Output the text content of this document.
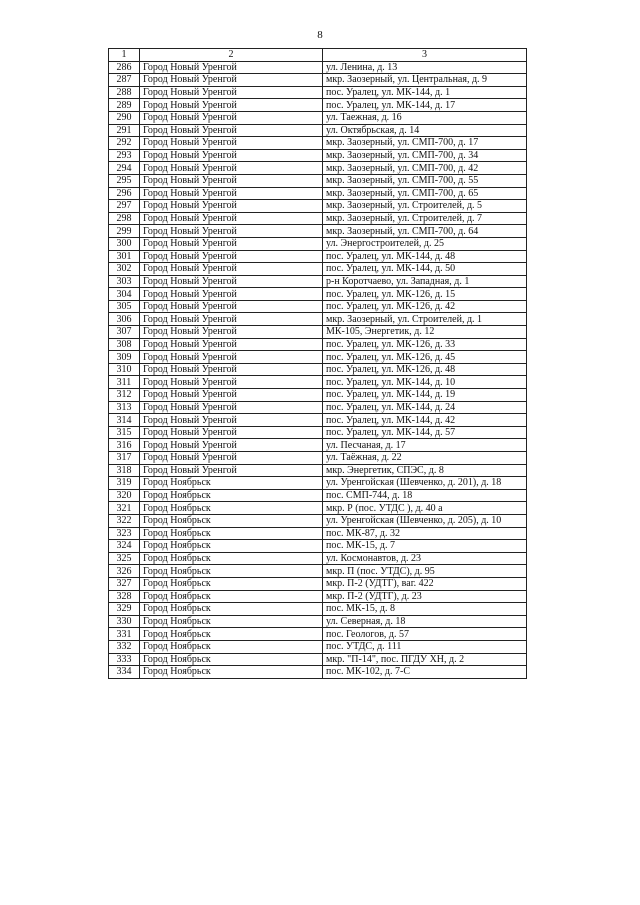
8
1	2	3
286	Город Новый Уренгой	ул. Ленина, д. 13
287	Город Новый Уренгой	мкр. Заозерный, ул. Центральная, д. 9
288	Город Новый Уренгой	пос. Уралец, ул. МК-144, д. 1
289	Город Новый Уренгой	пос. Уралец, ул. МК-144, д. 17
290	Город Новый Уренгой	ул. Таежная, д. 16
291	Город Новый Уренгой	ул. Октябрьская, д. 14
292	Город Новый Уренгой	мкр. Заозерный, ул. СМП-700, д. 17
293	Город Новый Уренгой	мкр. Заозерный, ул. СМП-700, д. 34
294	Город Новый Уренгой	мкр. Заозерный, ул. СМП-700, д. 42
295	Город Новый Уренгой	мкр. Заозерный, ул. СМП-700, д. 55
296	Город Новый Уренгой	мкр. Заозерный, ул. СМП-700, д. 65
297	Город Новый Уренгой	мкр. Заозерный, ул. Строителей, д. 5
298	Город Новый Уренгой	мкр. Заозерный, ул. Строителей, д. 7
299	Город Новый Уренгой	мкр. Заозерный, ул. СМП-700, д. 64
300	Город Новый Уренгой	ул. Энергостроителей, д. 25
301	Город Новый Уренгой	пос. Уралец, ул. МК-144, д. 48
302	Город Новый Уренгой	пос. Уралец, ул. МК-144, д. 50
303	Город Новый Уренгой	р-н Коротчаево, ул. Западная, д. 1
304	Город Новый Уренгой	пос. Уралец, ул. МК-126, д. 15
305	Город Новый Уренгой	пос. Уралец, ул. МК-126, д. 42
306	Город Новый Уренгой	мкр. Заозерный, ул. Строителей, д. 1
307	Город Новый Уренгой	МК-105, Энергетик, д. 12
308	Город Новый Уренгой	пос. Уралец, ул. МК-126, д. 33
309	Город Новый Уренгой	пос. Уралец, ул. МК-126, д. 45
310	Город Новый Уренгой	пос. Уралец, ул. МК-126, д. 48
311	Город Новый Уренгой	пос. Уралец, ул. МК-144, д. 10
312	Город Новый Уренгой	пос. Уралец, ул. МК-144, д. 19
313	Город Новый Уренгой	пос. Уралец, ул. МК-144, д. 24
314	Город Новый Уренгой	пос. Уралец, ул. МК-144, д. 42
315	Город Новый Уренгой	пос. Уралец, ул. МК-144, д. 57
316	Город Новый Уренгой	ул. Песчаная, д. 17
317	Город Новый Уренгой	ул. Таёжная, д. 22
318	Город Новый Уренгой	мкр. Энергетик, СПЭС, д. 8
319	Город Ноябрьск	ул. Уренгойская (Шевченко, д. 201), д. 18
320	Город Ноябрьск	пос. СМП-744, д. 18
321	Город Ноябрьск	мкр. Р (пос. УТДС ), д. 40 а
322	Город Ноябрьск	ул. Уренгойская (Шевченко, д. 205), д. 10
323	Город Ноябрьск	пос. МК-87, д. 32
324	Город Ноябрьск	пос. МК-15, д. 7
325	Город Ноябрьск	ул. Космонавтов, д. 23
326	Город Ноябрьск	мкр. П (пос. УТДС), д. 95
327	Город Ноябрьск	мкр. П-2 (УДТГ), ваг. 422
328	Город Ноябрьск	мкр. П-2 (УДТГ), д. 23
329	Город Ноябрьск	пос. МК-15, д. 8
330	Город Ноябрьск	ул. Северная, д. 18
331	Город Ноябрьск	пос. Геологов, д. 57
332	Город Ноябрьск	пос. УТДС, д. 111
333	Город Ноябрьск	мкр. "П-14", пос. ПГДУ ХН, д. 2
334	Город Ноябрьск	пос. МК-102, д. 7-С
